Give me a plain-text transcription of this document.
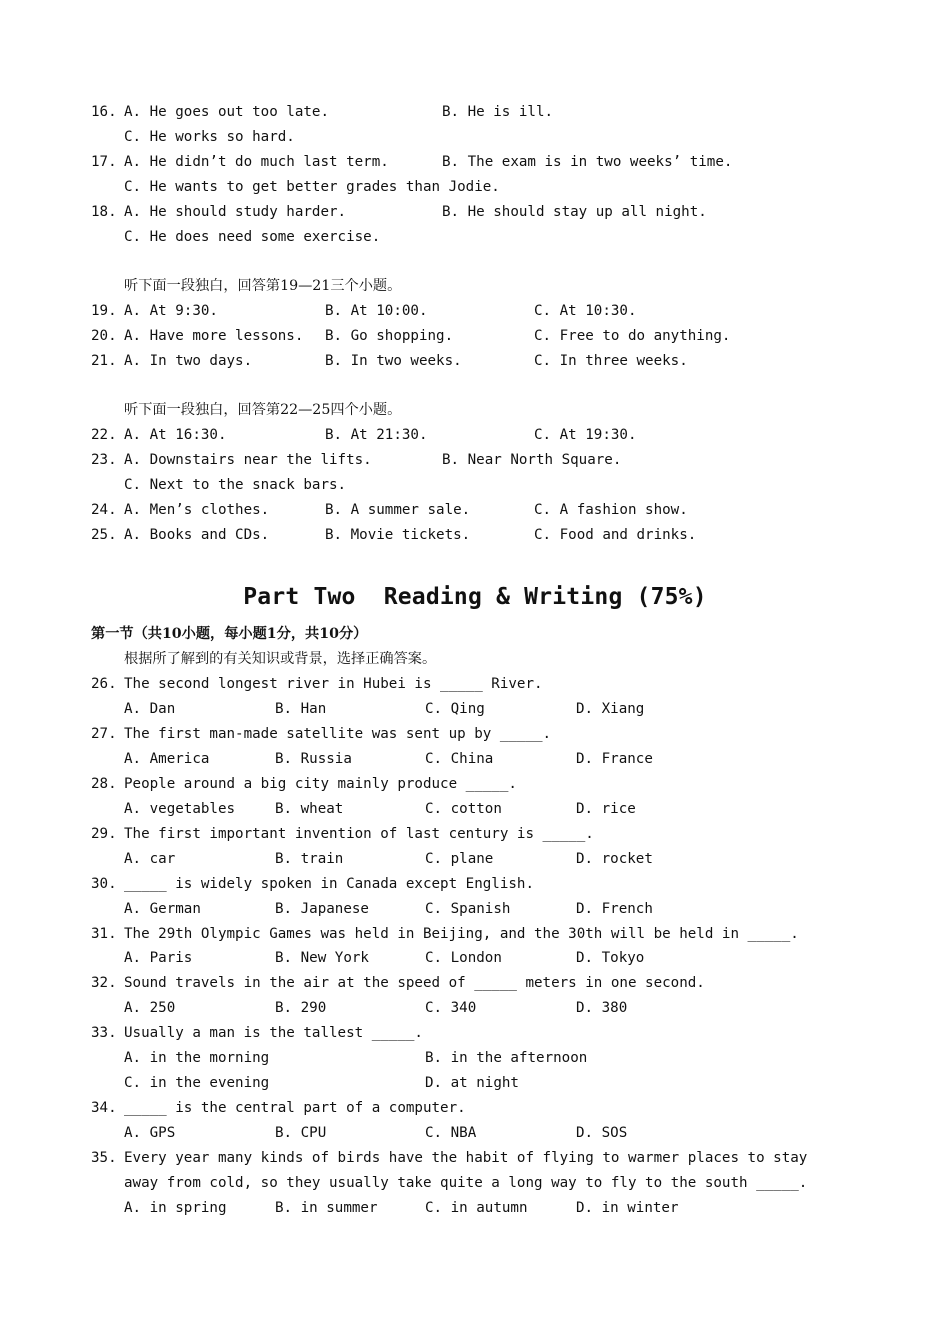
16.

A. He goes out too late.

	B. He is ill.

C. He works so hard.

17.

A. He didn’t do much last term.

	B. The exam is in two weeks’ time.

C. He wants to get better grades than Jodie.

18.

A. He should study harder.

	B. He should stay up all night.

C. He does need some exercise.

听下面一段独白，回答第19—21三个小题。

19.

A. At 9:30.

	B. At 10:00.

	C. At 10:30.

20.

A. Have more lessons.

B. Go shopping.

	C. Free to do anything.

21.

A. In two days.

	B. In two weeks.

	C. In three weeks.

听下面一段独白，回答第22—25四个小题。

22.

A. At 16:30.

	B. At 21:30.

	C. At 19:30.

23.

A. Downstairs near the lifts.

	B. Near North Square.

C. Next to the snack bars.

24.

A. Men’s clothes.

	B. A summer sale.

	C. A fashion show.

25.

A. Books and CDs.

	B. Movie tickets.

	C. Food and drinks.

Part Two  Reading & Writing (75%)

第一节（共10小题，每小题1分，共10分）

根据所了解到的有关知识或背景，选择正确答案。

26.

The second longest river in Hubei is _____ River.

A. Dan

	B. Han

	C. Qing

	D. Xiang

27.

The first man-made satellite was sent up by _____.

A. America

	B. Russia

	C. China

	D. France

28.

People around a big city mainly produce _____.

A. vegetables

	B. wheat

	C. cotton

	D. rice

29.

The first important invention of last century is _____.

A. car

	B. train

	C. plane

	D. rocket

30.

_____ is widely spoken in Canada except English.

A. German

	B. Japanese

	C. Spanish

	D. French

31.

The 29th Olympic Games was held in Beijing, and the 30th will be held in _____.

A. Paris

	B. New York

	C. London

	D. Tokyo

32.

Sound travels in the air at the speed of _____ meters in one second.

A. 250

	B. 290

	C. 340

	D. 380

33.

Usually a man is the tallest _____.

A. in the morning

	B. in the afternoon

C. in the evening

	D. at night

34.

_____ is the central part of a computer.

A. GPS

	B. CPU

	C. NBA

	D. SOS

35.

Every year many kinds of birds have the habit of flying to warmer places to stay

away from cold, so they usually take quite a long way to fly to the south _____.

A. in spring

	B. in summer

	C. in autumn

	D. in winter
